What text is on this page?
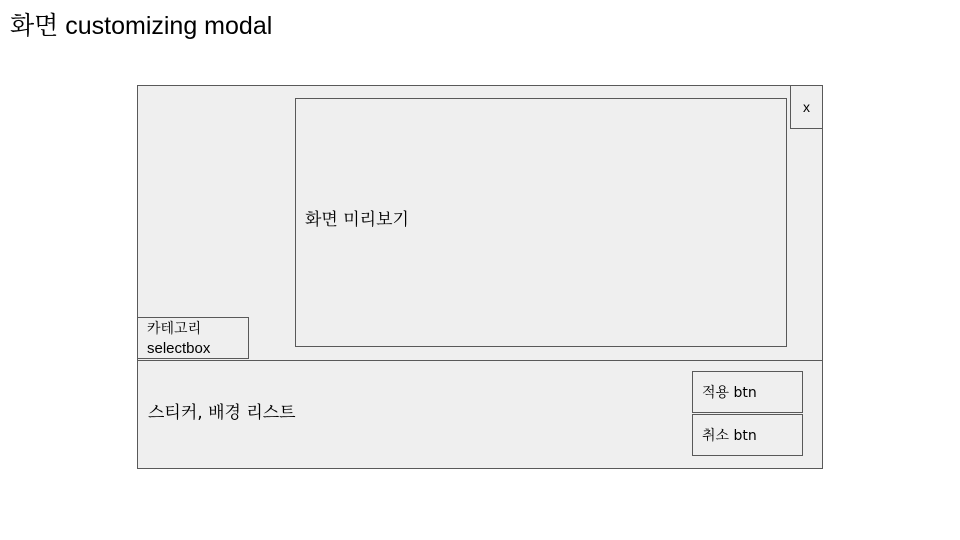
화면 customizing modal
화면 미리보기
x
카테고리
selectbox
스티커, 배경 리스트
적용 btn
취소 btn
